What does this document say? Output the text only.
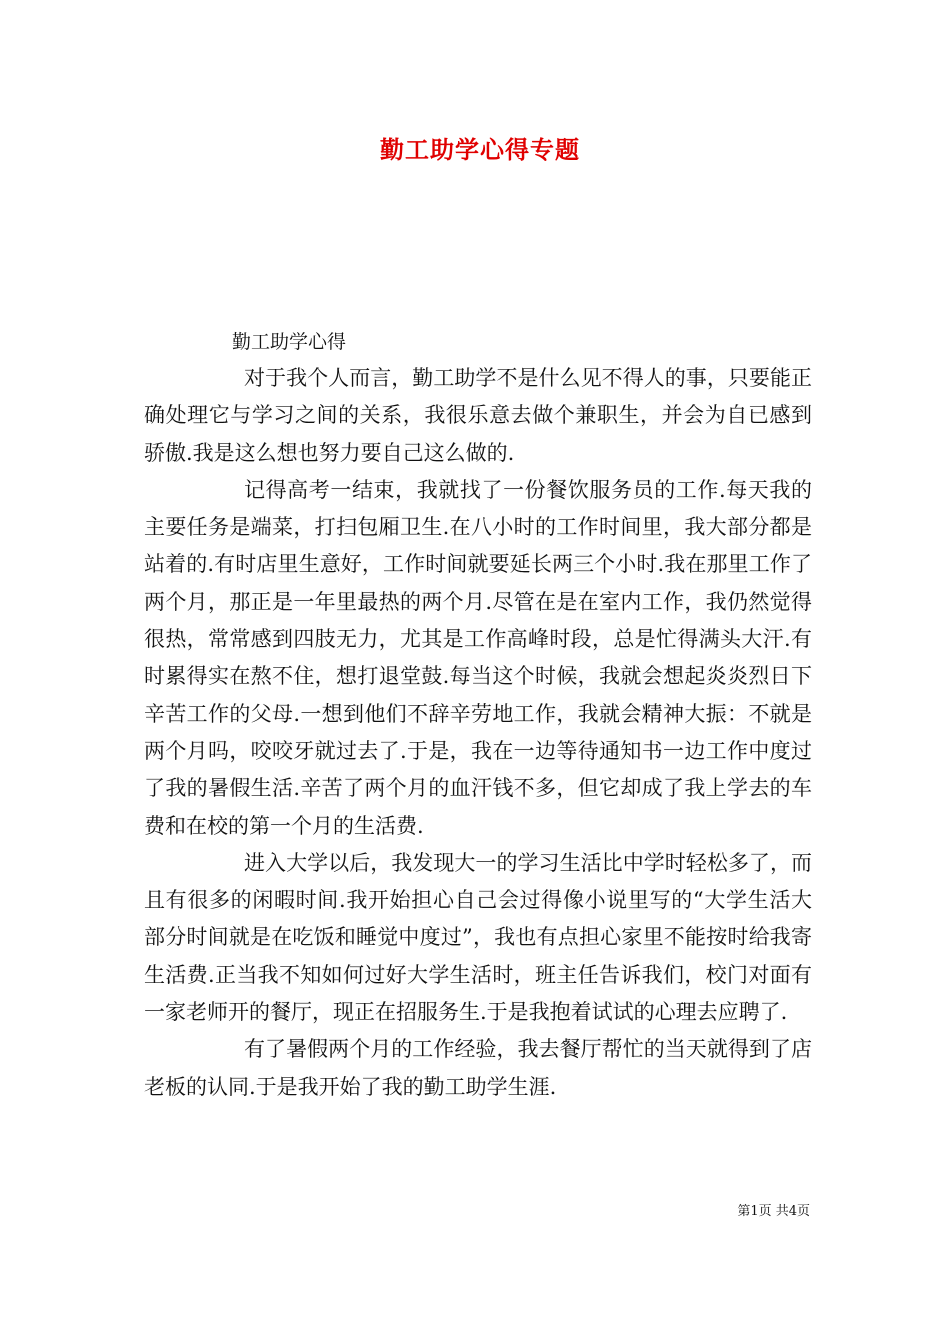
勤工助学心得专题
勤工助学心得

对于我个人而言，勤工助学不是什么见不得人的事，只要能正确处理它与学习之间的关系，我很乐意去做个兼职生，并会为自已感到骄傲.我是这么想也努力要自己这么做的.

记得高考一结束，我就找了一份餐饮服务员的工作.每天我的主要任务是端菜，打扫包厢卫生.在八小时的工作时间里，我大部分都是站着的.有时店里生意好，工作时间就要延长两三个小时.我在那里工作了两个月，那正是一年里最热的两个月.尽管在是在室内工作，我仍然觉得很热，常常感到四肢无力，尤其是工作高峰时段，总是忙得满头大汗.有时累得实在熬不住，想打退堂鼓.每当这个时候，我就会想起炎炎烈日下辛苦工作的父母.一想到他们不辞辛劳地工作，我就会精神大振：不就是两个月吗，咬咬牙就过去了.于是，我在一边等待通知书一边工作中度过了我的暑假生活.辛苦了两个月的血汗钱不多，但它却成了我上学去的车费和在校的第一个月的生活费.

进入大学以后，我发现大一的学习生活比中学时轻松多了，而且有很多的闲暇时间.我开始担心自己会过得像小说里写的“大学生活大部分时间就是在吃饭和睡觉中度过”，我也有点担心家里不能按时给我寄生活费.正当我不知如何过好大学生活时，班主任告诉我们，校门对面有一家老师开的餐厅，现正在招服务生.于是我抱着试试的心理去应聘了.

有了暑假两个月的工作经验，我去餐厅帮忙的当天就得到了店老板的认同.于是我开始了我的勤工助学生涯.

第1页 共4页
